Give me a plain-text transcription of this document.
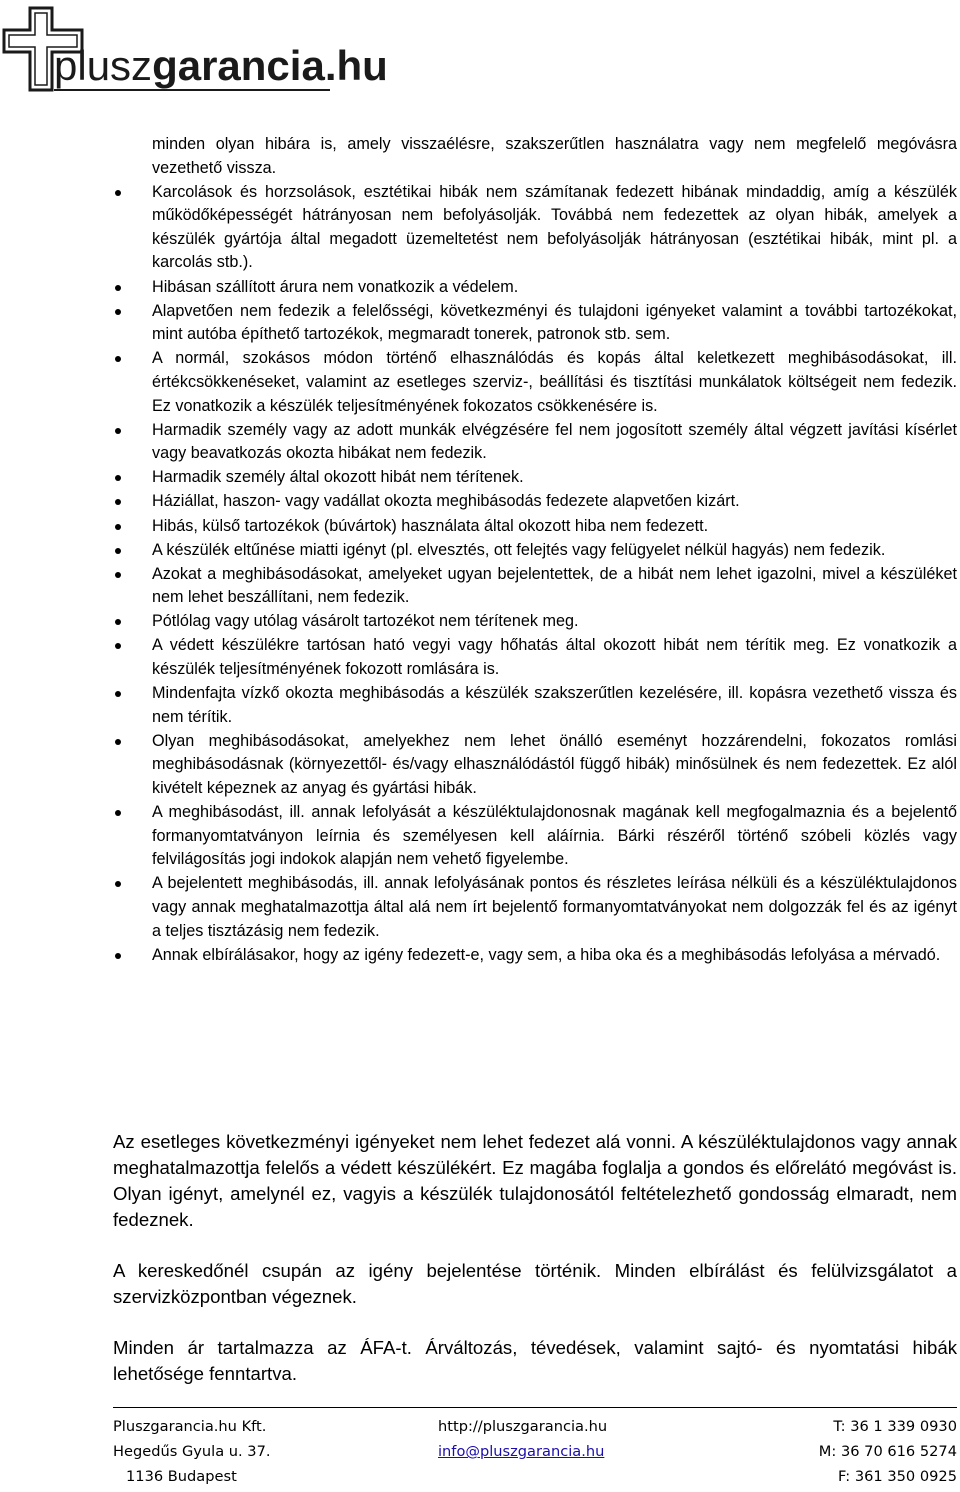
pluszgarancia.hu
minden olyan hibára is, amely visszaélésre, szakszerűtlen használatra vagy nem megfelelő megóvásra vezethető vissza.
Karcolások és horzsolások, esztétikai hibák nem számítanak fedezett hibának mindaddig, amíg a készülék működőképességét hátrányosan nem befolyásolják. Továbbá nem fedezettek az olyan hibák, amelyek a készülék gyártója által megadott üzemeltetést nem befolyásolják hátrányosan (esztétikai hibák, mint pl. a karcolás stb.).
Hibásan szállított árura nem vonatkozik a védelem.
Alapvetően nem fedezik a felelősségi, következményi és tulajdoni igényeket valamint a további tartozékokat, mint autóba építhető tartozékok, megmaradt tonerek, patronok stb. sem.
A normál, szokásos módon történő elhasználódás és kopás által keletkezett meghibásodásokat, ill. értékcsökkenéseket, valamint az esetleges szerviz-, beállítási és tisztítási munkálatok költségeit nem fedezik. Ez vonatkozik a készülék teljesítményének fokozatos csökkenésére is.
Harmadik személy vagy az adott munkák elvégzésére fel nem jogosított személy által végzett javítási kísérlet vagy beavatkozás okozta hibákat nem fedezik.
Harmadik személy által okozott hibát nem térítenek.
Háziállat, haszon- vagy vadállat okozta meghibásodás fedezete alapvetően kizárt.
Hibás, külső tartozékok (búvártok) használata által okozott hiba nem fedezett.
A készülék eltűnése miatti igényt (pl. elvesztés, ott felejtés vagy felügyelet nélkül hagyás) nem fedezik.
Azokat a meghibásodásokat, amelyeket ugyan bejelentettek, de a hibát nem lehet igazolni, mivel a készüléket nem lehet beszállítani, nem fedezik.
Pótlólag vagy utólag vásárolt tartozékot nem térítenek meg.
A védett készülékre tartósan ható vegyi vagy hőhatás által okozott hibát nem térítik meg. Ez vonatkozik a készülék teljesítményének fokozott romlására is.
Mindenfajta vízkő okozta meghibásodás a készülék szakszerűtlen kezelésére, ill. kopásra vezethető vissza és nem térítik.
Olyan meghibásodásokat, amelyekhez nem lehet önálló eseményt hozzárendelni, fokozatos romlási meghibásodásnak (környezettől- és/vagy elhasználódástól függő hibák) minősülnek és nem fedezettek. Ez alól kivételt képeznek az anyag és gyártási hibák.
A meghibásodást, ill. annak lefolyását a készüléktulajdonosnak magának kell megfogalmaznia és a bejelentő formanyomtatványon leírnia és személyesen kell aláírnia. Bárki részéről történő szóbeli közlés vagy felvilágosítás jogi indokok alapján nem vehető figyelembe.
A bejelentett meghibásodás, ill. annak lefolyásának pontos és részletes leírása nélküli és a készüléktulajdonos vagy annak meghatalmazottja által alá nem írt bejelentő formanyomtatványokat nem dolgozzák fel és az igényt a teljes tisztázásig nem fedezik.
Annak elbírálásakor, hogy az igény fedezett-e, vagy sem, a hiba oka és a meghibásodás lefolyása a mérvadó.

Az esetleges következményi igényeket nem lehet fedezet alá vonni. A készüléktulajdonos vagy annak meghatalmazottja felelős a védett készülékért. Ez magába foglalja a gondos és előrelátó megóvást is. Olyan igényt, amelynél ez, vagyis a készülék tulajdonosától feltételezhető gondosság elmaradt, nem fedeznek.

A kereskedőnél csupán az igény bejelentése történik. Minden elbírálást és felülvizsgálatot a szervizközpontban végeznek.

Minden ár tartalmazza az ÁFA-t. Árváltozás, tévedések, valamint sajtó- és nyomtatási hibák lehetősége fenntartva.

Pluszgarancia.hu Kft.
Hegedűs Gyula u. 37.
1136 Budapest
http://pluszgarancia.hu
info@pluszgarancia.hu
T: 36 1 339 0930
M: 36 70 616 5274
F: 361 350 0925
